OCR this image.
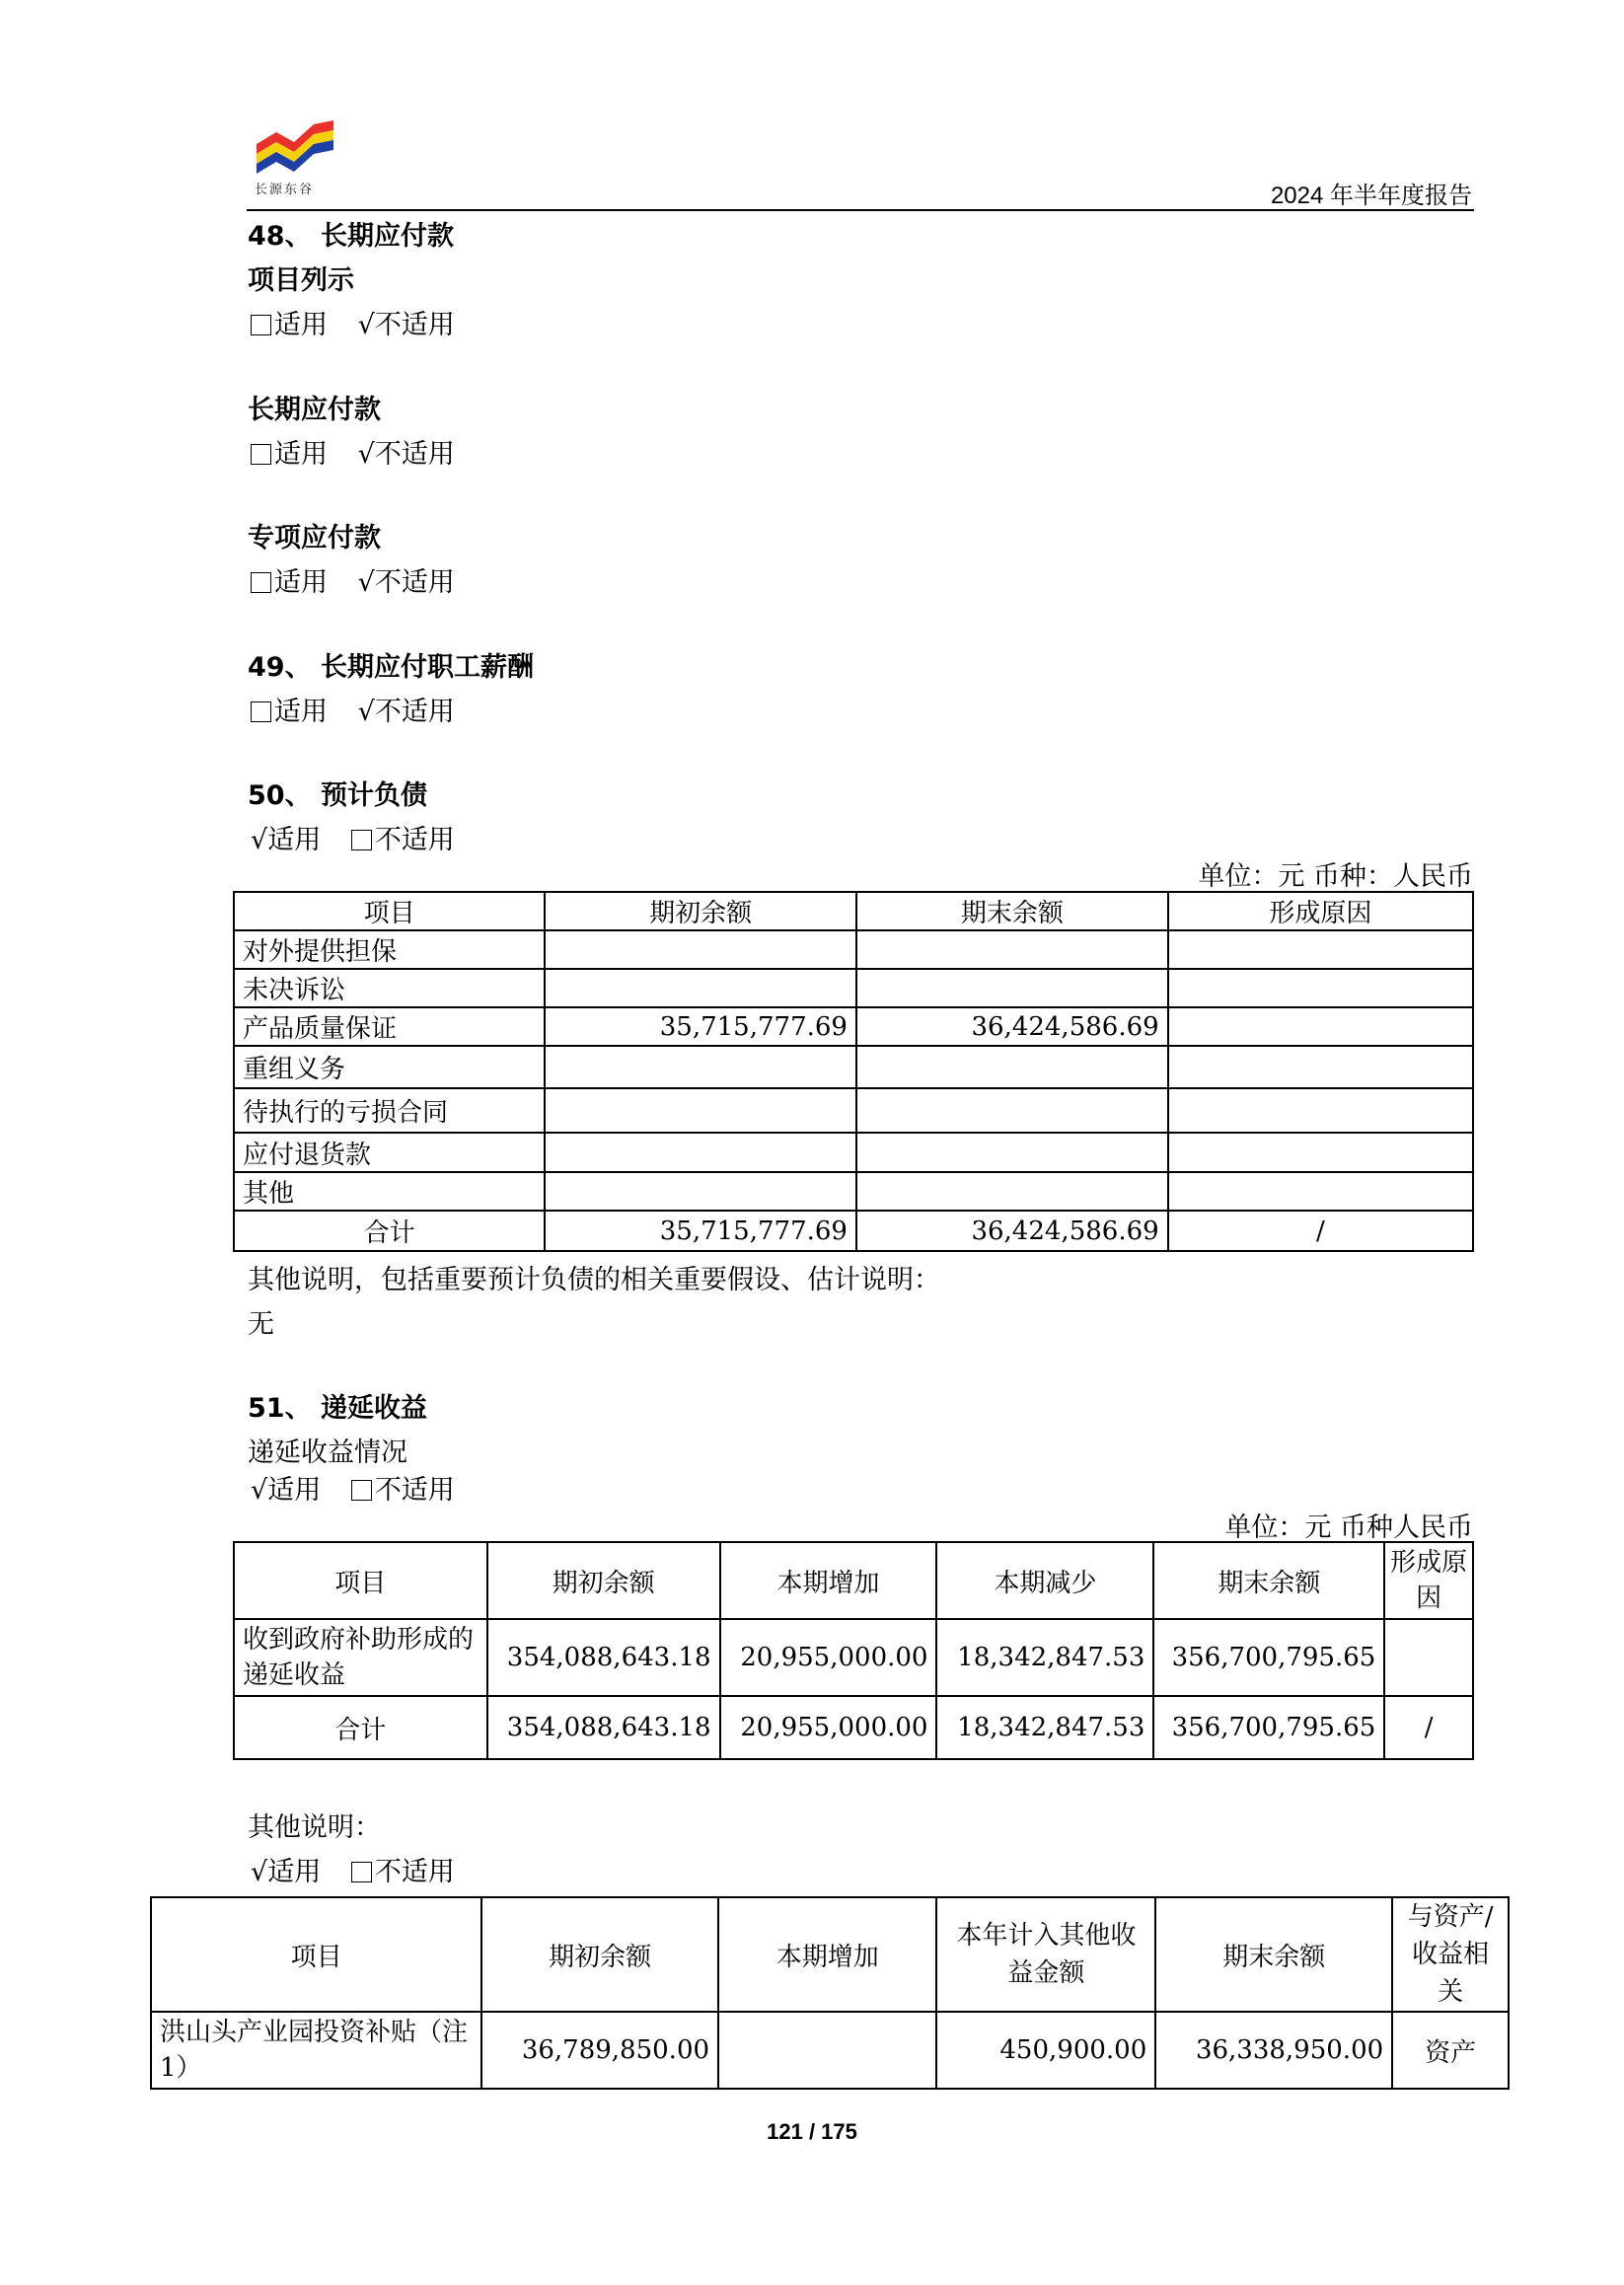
长源东谷	2024 年半年度报告
48、 长期应付款
项目列示
适用 √不适用
长期应付款
适用 √不适用
专项应付款
适用 √不适用
49、 长期应付职工薪酬
适用 √不适用
50、 预计负债
√适用 不适用
单位：元 币种：人民币
项目	期初余额	期末余额	形成原因
对外提供担保			
未决诉讼			
产品质量保证	35,715,777.69	36,424,586.69	
重组义务			
待执行的亏损合同			
应付退货款			
其他			
合计	35,715,777.69	36,424,586.69	/
其他说明，包括重要预计负债的相关重要假设、估计说明：
无
51、 递延收益
递延收益情况
√适用 不适用
单位：元 币种人民币
项目	期初余额	本期增加	本期减少	期末余额	形成原因
收到政府补助形成的递延收益	354,088,643.18	20,955,000.00	18,342,847.53	356,700,795.65	
合计	354,088,643.18	20,955,000.00	18,342,847.53	356,700,795.65	/
其他说明：
√适用 不适用
项目	期初余额	本期增加	本年计入其他收益金额	期末余额	与资产/收益相关
洪山头产业园投资补贴（注 1）	36,789,850.00		450,900.00	36,338,950.00	资产
121 / 175
